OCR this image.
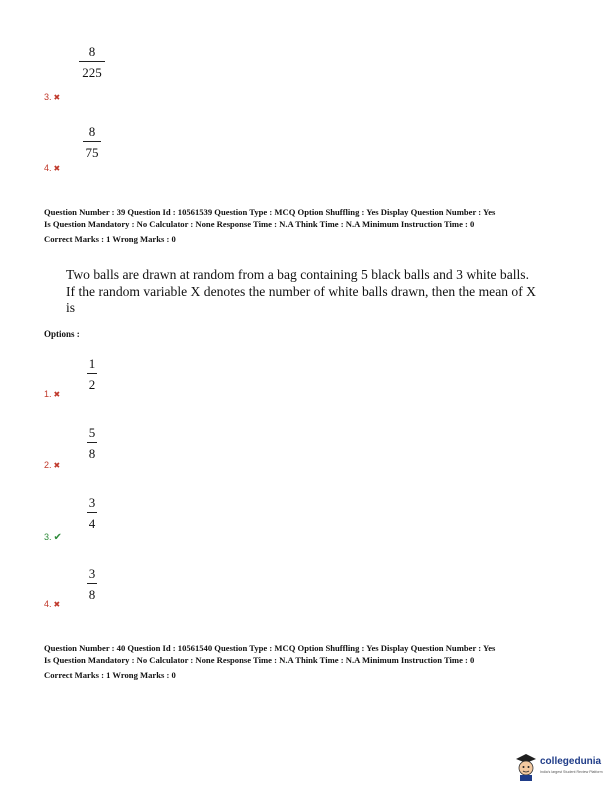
8
225
3. ✖
8
75
4. ✖
Question Number : 39 Question Id : 10561539 Question Type : MCQ Option Shuffling : Yes Display Question Number : Yes
Is Question Mandatory : No Calculator : None Response Time : N.A Think Time : N.A Minimum Instruction Time : 0
Correct Marks : 1 Wrong Marks : 0
Two balls are drawn at random from a bag containing 5 black balls and 3 white balls.
If the random variable X denotes the number of white balls drawn, then the mean of X
is
Options :
1
2
1. ✖
5
8
2. ✖
3
4
3. ✔
3
8
4. ✖
Question Number : 40 Question Id : 10561540 Question Type : MCQ Option Shuffling : Yes Display Question Number : Yes
Is Question Mandatory : No Calculator : None Response Time : N.A Think Time : N.A Minimum Instruction Time : 0
Correct Marks : 1 Wrong Marks : 0
collegedunia
India's largest Student Review Platform
